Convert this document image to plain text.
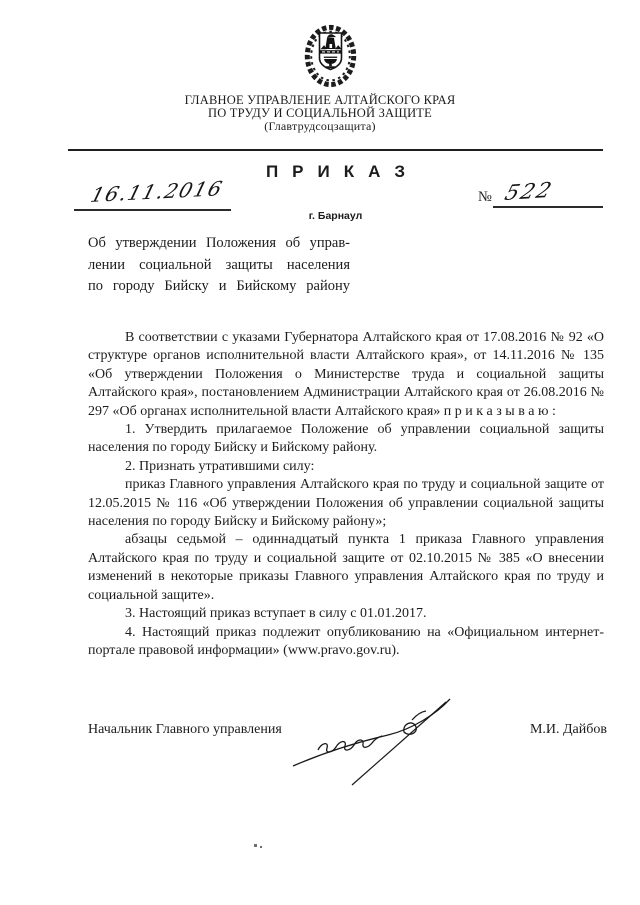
ГЛАВНОЕ УПРАВЛЕНИЕ АЛТАЙСКОГО КРАЯ
ПО ТРУДУ И СОЦИАЛЬНОЙ ЗАЩИТЕ
(Главтрудсоцзащита)
ПРИКАЗ
16.11.2016	№ 522
г. Барнаул
Об утверждении Положения об управ-
лении социальной защиты населения
по городу Бийску и Бийскому району

В соответствии с указами Губернатора Алтайского края от 17.08.2016 № 92 «О структуре органов исполнительной власти Алтайского края», от 14.11.2016 № 135 «Об утверждении Положения о Министерстве труда и социальной защиты Алтайского края», постановлением Администрации Алтайского края от 26.08.2016 № 297 «Об органах исполнительной власти Алтайского края» п р и к а з ы в а ю :

1. Утвердить прилагаемое Положение об управлении социальной защиты населения по городу Бийску и Бийскому району.

2. Признать утратившими силу:

приказ Главного управления Алтайского края по труду и социальной защите от 12.05.2015 № 116 «Об утверждении Положения об управлении социальной защиты населения по городу Бийску и Бийскому району»;

абзацы седьмой – одиннадцатый пункта 1 приказа Главного управления Алтайского края по труду и социальной защите от 02.10.2015 № 385 «О внесении изменений в некоторые приказы Главного управления Алтайского края по труду и социальной защите».

3. Настоящий приказ вступает в силу с 01.01.2017.

4. Настоящий приказ подлежит опубликованию на «Официальном интернет-портале правовой информации» (www.pravo.gov.ru).

Начальник Главного управления	М.И. Дайбов
